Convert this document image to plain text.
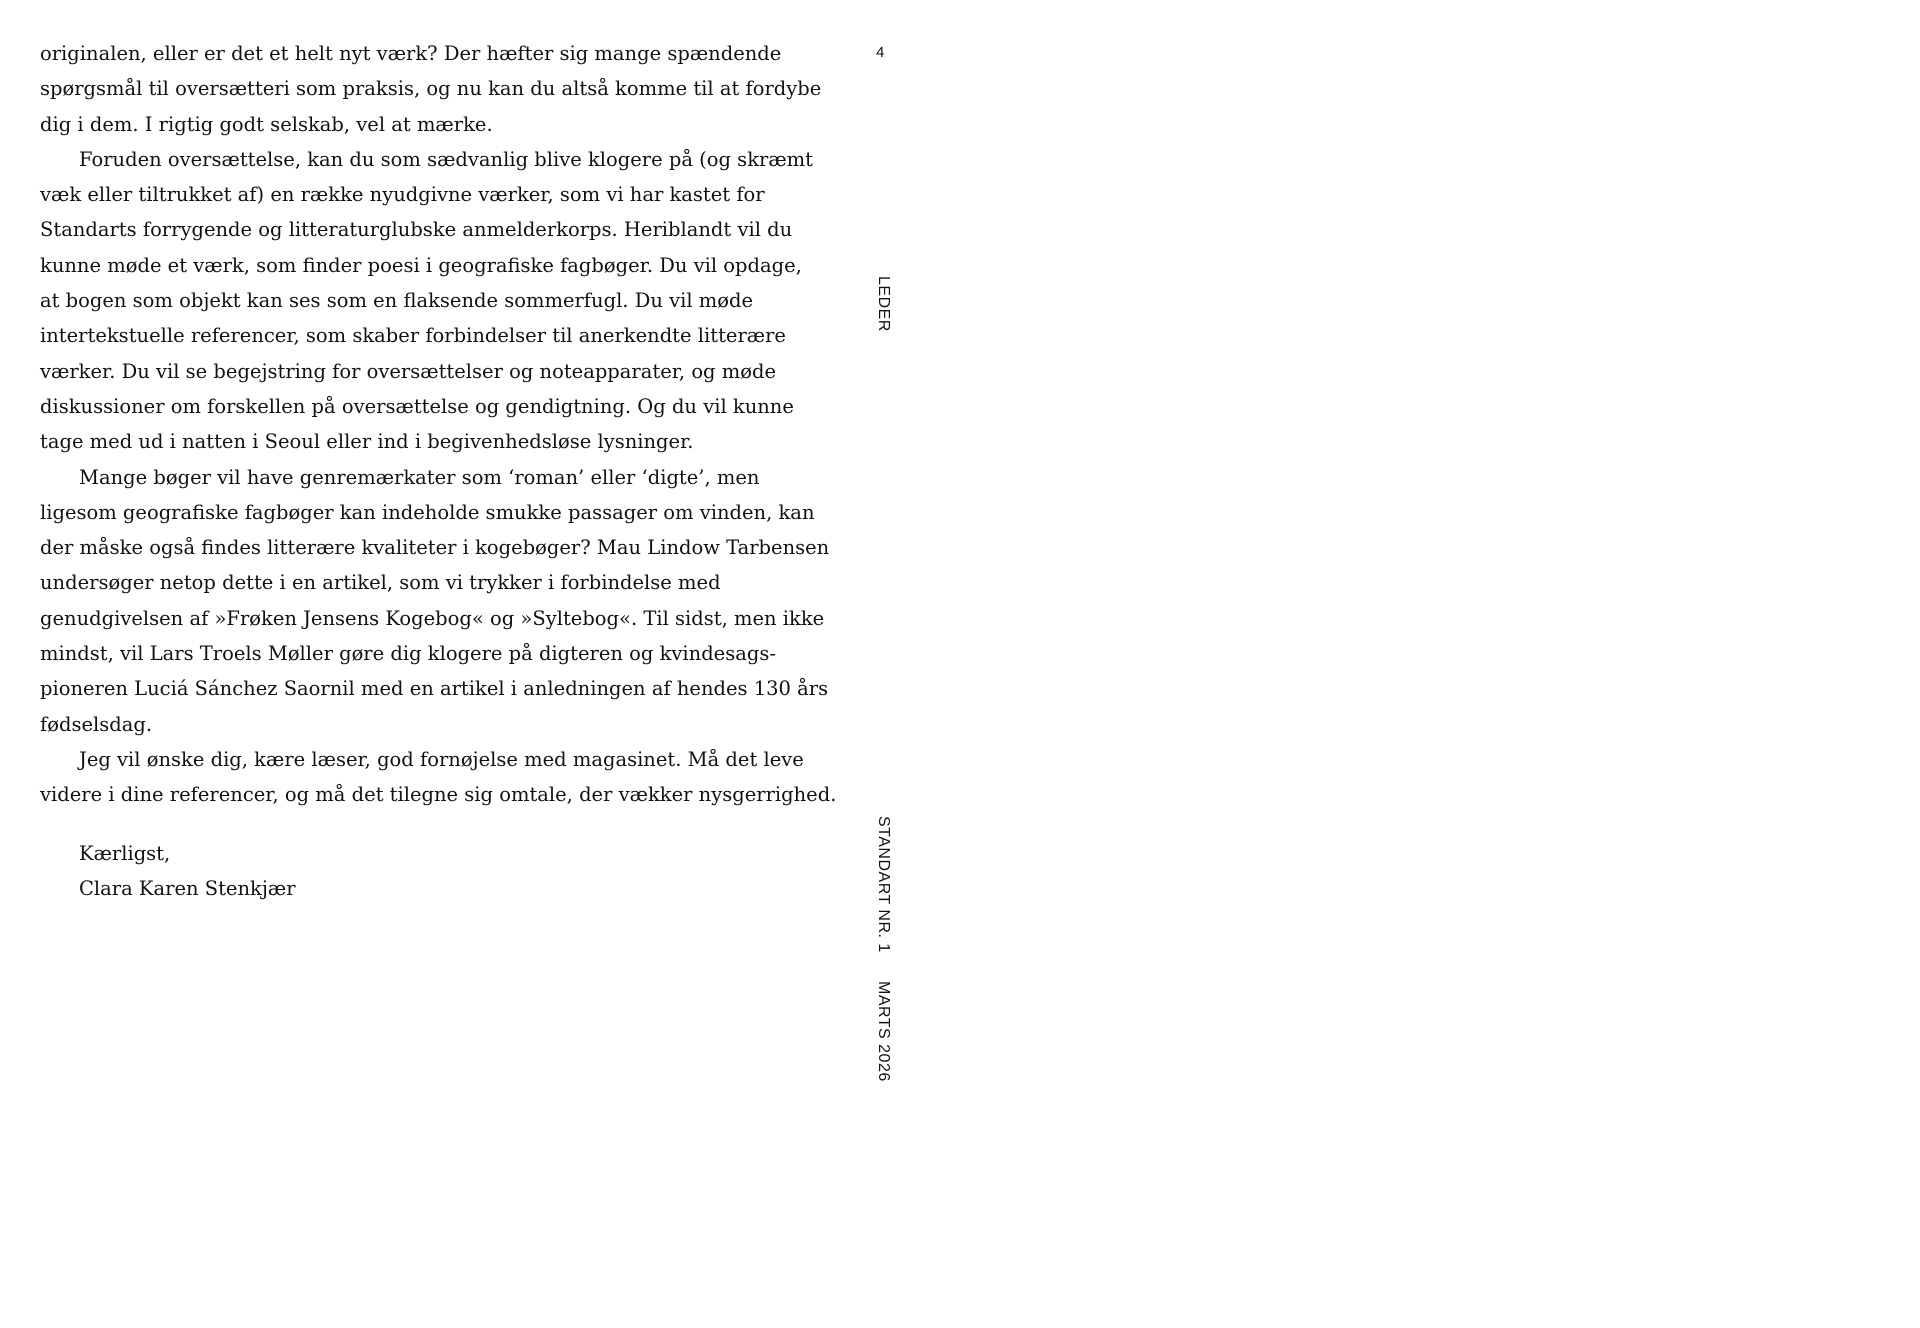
originalen, eller er det et helt nyt værk? Der hæfter sig mange spændende
spørgsmål til oversætteri som praksis, og nu kan du altså komme til at fordybe
dig i dem. I rigtig godt selskab, vel at mærke.
Foruden oversættelse, kan du som sædvanlig blive klogere på (og skræmt
væk eller tiltrukket af) en række nyudgivne værker, som vi har kastet for
Standarts forrygende og litteraturglubske anmelderkorps. Heriblandt vil du
kunne møde et værk, som finder poesi i geografiske fagbøger. Du vil opdage,
at bogen som objekt kan ses som en flaksende sommerfugl. Du vil møde
intertekstuelle referencer, som skaber forbindelser til anerkendte litterære
værker. Du vil se begejstring for oversættelser og noteapparater, og møde
diskussioner om forskellen på oversættelse og gendigtning. Og du vil kunne
tage med ud i natten i Seoul eller ind i begivenhedsløse lysninger.
Mange bøger vil have genremærkater som ‘roman’ eller ‘digte’, men
ligesom geografiske fagbøger kan indeholde smukke passager om vinden, kan
der måske også findes litterære kvaliteter i kogebøger? Mau Lindow Tarbensen
undersøger netop dette i en artikel, som vi trykker i forbindelse med
genudgivelsen af »Frøken Jensens Kogebog« og »Syltebog«. Til sidst, men ikke
mindst, vil Lars Troels Møller gøre dig klogere på digteren og kvindesags-
pioneren Luciá Sánchez Saornil med en artikel i anledningen af hendes 130 års
fødselsdag.
Jeg vil ønske dig, kære læser, god fornøjelse med magasinet. Må det leve
videre i dine referencer, og må det tilegne sig omtale, der vækker nysgerrighed.
Kærligst,
Clara Karen Stenkjær
4
LEDER
STANDART NR. 1
MARTS 2026
